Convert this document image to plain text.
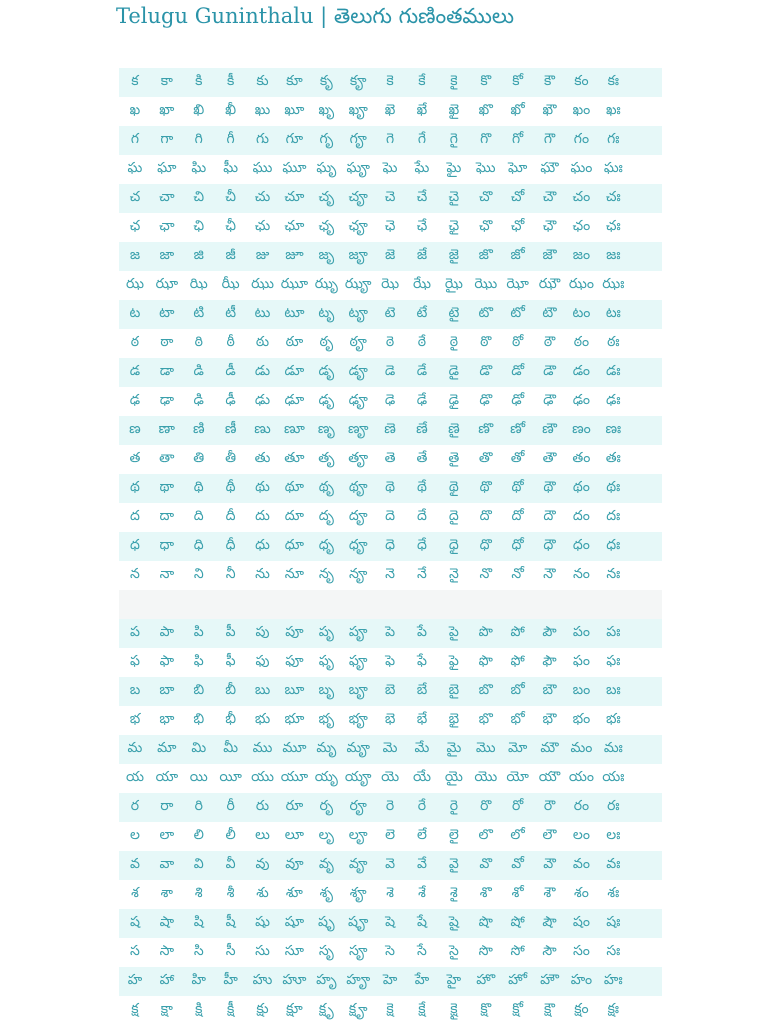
Telugu Guninthalu | తెలుగు గుణింతములు
క	కా	కి	కీ	కు	కూ	కృ	కౄ	కె	కే	కై	కొ	కో	కౌ	కం	కః
ఖ	ఖా	ఖి	ఖీ	ఖు	ఖూ	ఖృ	ఖౄ	ఖె	ఖే	ఖై	ఖొ	ఖో	ఖౌ	ఖం	ఖః
గ	గా	గి	గీ	గు	గూ	గృ	గౄ	గె	గే	గై	గొ	గో	గౌ	గం	గః
ఘ	ఘా	ఘి	ఘీ	ఘు ఘూ ఘృ ఘౄ ఘె	ఘే	ఘై	ఘొ ఘో ఘౌ ఘం ఘః
చ	చా	చి	చీ	చు	చూ	చృ	చౄ	చె	చే	చై	చొ	చో	చౌ	చం	చః
ఛ	ఛా	ఛి	ఛీ	ఛు	ఛూ	ఛృ	ఛౄ	ఛె	ఛే	ఛై	ఛొ	ఛో	ఛౌ	ఛం	ఛః
జ	జా	జి	జీ	జు	జూ	జృ	జౄ	జె	జే	జై	జొ	జో	జౌ	జం	జః
ఝ ఝా ఝి ఝీ ఝు ఝూ ఝృ ఝౄ ఝె ఝే ఝై ఝొ ఝో ఝౌ ఝం ఝః
ట	టా	టి	టీ	టు టూ టృ	టౄ	టె	టే	టై	టొ	టో	టౌ	టం	టః
ఠ	ఠా	ఠి	ఠీ	ఠు	ఠూ	ఠృ	ఠౄ	ఠె	ఠే	ఠై	ఠొ	ఠో	ఠౌ	ఠం	ఠః
డ	డా	డి	డీ	డు	డూ	డృ	డౄ	డె	డే	డై	డొ	డో	డౌ	డం	డః
ఢ	ఢా	ఢి	ఢీ	ఢు	ఢూ	ఢృ	ఢౄ	ఢె	ఢే	ఢై	ఢొ	ఢో	ఢౌ	ఢం	ఢః
ణ	ణా	ణి	ణీ	ణు ణూ ణృ ణౄ	ణె	ణే	ణై	ణొ	ణో	ణౌ	ణం	ణః
త	తా	తి	తీ	తు తూ తృ తౄ	తె	తే	తై	తొ	తో	తౌ	తం	తః
థ	థా	థి	థీ	థు	థూ	థృ	థౄ	థె	థే	థై	థొ	థో	థౌ	థం	థః
ద	దా	ది	దీ	దు	దూ	దృ	దౄ	దె	దే	దై	దొ	దో	దౌ	దం	దః
ధ	ధా	ధి	ధీ	ధు	ధూ	ధృ	ధౄ	ధె	ధే	ధై	ధొ	ధో	ధౌ	ధం	ధః
న	నా	ని	నీ	ను	నూ	నృ	నౄ	నె	నే	నై	నొ	నో	నౌ	నం	నః
ప	పా	పి	పీ	పు	పూ	పృ	పౄ	పె	పే	పై	పొ	పో	పౌ	పం	పః
ఫ	ఫా	ఫి	ఫీ	ఫు	ఫూ	ఫృ	ఫౄ	ఫె	ఫే	ఫై	ఫొ	ఫో	ఫౌ	ఫం	ఫః
బ	బా	బి	బీ	బు	బూ	బృ	బౄ	బె	బే	బై	బొ	బో	బౌ	బం	బః
భ	భా	భి	భీ	భు	భూ	భృ	భౄ	భె	భే	భై	భొ	భో	భౌ	భం	భః
మ	మా	మి	మీ	ము మూ మృ మౄ మె	మే	మై	మొ మో మౌ మం మః
య యా యి యీ యు యూ యృ యౄ యె యే యై యొ యో యౌ యం యః
ర	రా	రి	రీ	రు	రూ	రృ	రౄ	రె	రే	రై	రొ	రో	రౌ	రం	రః
ల	లా	లి	లీ	లు	లూ	లృ	లౄ	లె	లే	లై	లొ	లో	లౌ	లం	లః
వ	వా	వి	వీ	వు	వూ	వృ	వౄ	వె	వే	వై	వొ	వో	వౌ	వం	వః
శ	శా	శి	శీ	శు	శూ	శృ	శౄ	శె	శే	శై	శొ	శో	శౌ	శం	శః
ష	షా	షి	షీ	షు	షూ షృ షౄ	షె	షే	షై	షొ	షో	షౌ	షం	షః
స	సా	సి	సీ	సు	సూ	సృ	సౄ	సె	సే	సై	సొ	సో	సౌ	సం	సః
హ	హా	హి	హీ	హు హూ హృ హౄ హె	హే	హై	హొ హో హౌ హం హః
క్ష	క్షా	క్షి	క్షీ	క్షు	క్షూ	క్షృ	క్షౄ	క్షె	క్షే	క్షై	క్షొ	క్షో	క్షౌ	క్షం	క్షః
